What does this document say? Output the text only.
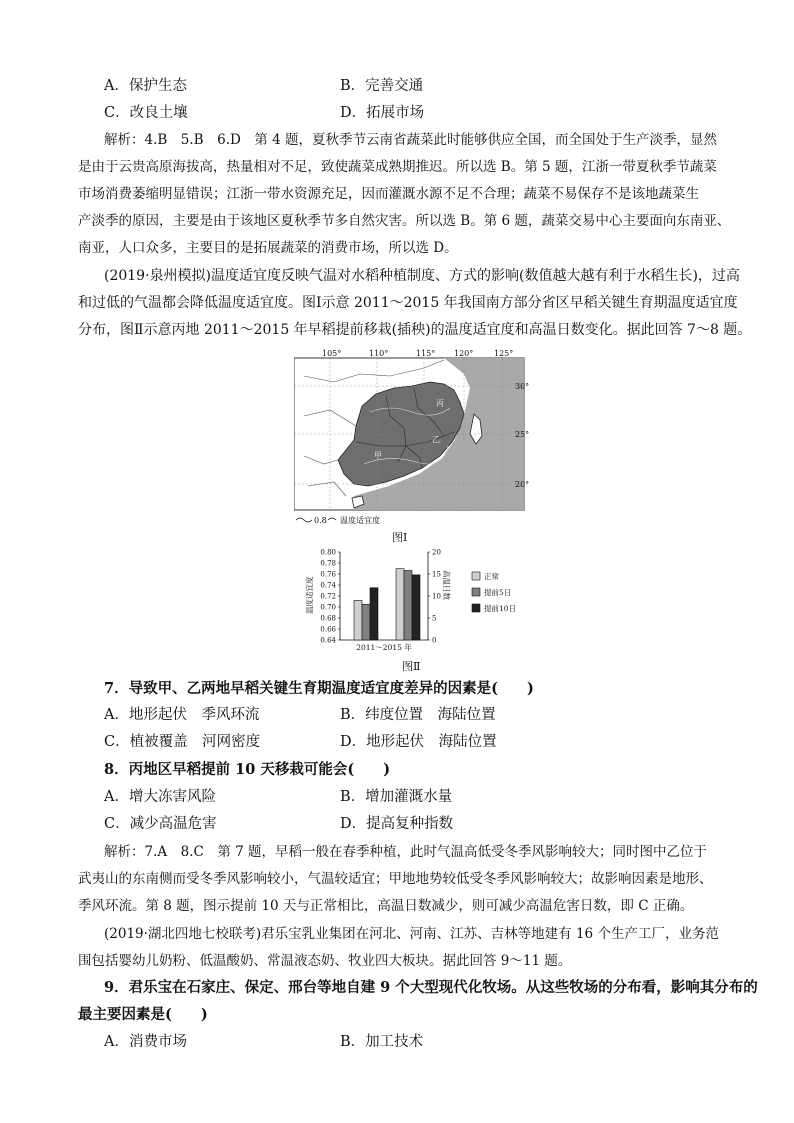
A．保护生态	B．完善交通
C．改良土壤	D．拓展市场
解析：4.B　5.B　6.D　第 4 题，夏秋季节云南省蔬菜此时能够供应全国，而全国处于生产淡季，显然
是由于云贵高原海拔高，热量相对不足，致使蔬菜成熟期推迟。所以选 B。第 5 题，江浙一带夏秋季节蔬菜
市场消费萎缩明显错误；江浙一带水资源充足，因而灌溉水源不足不合理；蔬菜不易保存不是该地蔬菜生
产淡季的原因，主要是由于该地区夏秋季节多自然灾害。所以选 B。第 6 题，蔬菜交易中心主要面向东南亚、
南亚，人口众多，主要目的是拓展蔬菜的消费市场，所以选 D。
(2019·泉州模拟)温度适宜度反映气温对水稻种植制度、方式的影响(数值越大越有利于水稻生长)，过高
和过低的气温都会降低温度适宜度。图Ⅰ示意 2011～2015 年我国南方部分省区早稻关键生育期温度适宜度
分布，图Ⅱ示意丙地 2011～2015 年早稻提前移栽(插秧)的温度适宜度和高温日数变化。据此回答 7～8 题。
105°	110°	115° 120°	125°
30°
25°
20°
丙
甲
乙
0.8 温度适宜度
图Ⅰ
0.80
0.78
0.76
0.74
0.72
0.70
0.68
0.66
0.64
20
15
10
5
0
温度适宜度	高温日数
2011～2015 年
正常
提前5日
提前10日
图Ⅱ
7．导致甲、乙两地早稻关键生育期温度适宜度差异的因素是(　　)
A．地形起伏　季风环流	B．纬度位置　海陆位置
C．植被覆盖　河网密度	D．地形起伏　海陆位置
8．丙地区早稻提前 10 天移栽可能会(　　)
A．增大冻害风险	B．增加灌溉水量
C．减少高温危害	D．提高复种指数
解析：7.A　8.C　第 7 题，早稻一般在春季种植，此时气温高低受冬季风影响较大；同时图中乙位于
武夷山的东南侧而受冬季风影响较小，气温较适宜；甲地地势较低受冬季风影响较大；故影响因素是地形、
季风环流。第 8 题，图示提前 10 天与正常相比，高温日数减少，则可减少高温危害日数，即 C 正确。
(2019·湖北四地七校联考)君乐宝乳业集团在河北、河南、江苏、吉林等地建有 16 个生产工厂，业务范
围包括婴幼儿奶粉、低温酸奶、常温液态奶、牧业四大板块。据此回答 9～11 题。
9．君乐宝在石家庄、保定、邢台等地自建 9 个大型现代化牧场。从这些牧场的分布看，影响其分布的
最主要因素是(　　)
A．消费市场	B．加工技术
